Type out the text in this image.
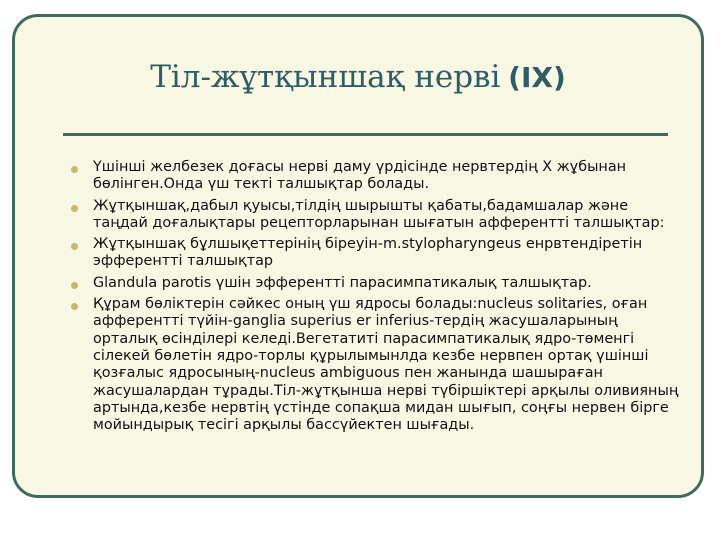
Тіл-жұтқыншақ нерві (IX)
Үшінші желбезек доғасы нерві даму үрдісінде нервтердің Х жұбынан бөлінген.Онда үш текті талшықтар болады.
Жұтқыншақ,дабыл қуысы,тілдің шырышты қабаты,бадамшалар және таңдай доғалықтары рецепторларынан шығатын афферентті талшықтар:
Жұтқыншақ бұлшықеттерінің біреуін-m.stylopharyngeus енрвтендіретін эфферентті талшықтар
Glandula parotis үшін эфферентті парасимпатикалық талшықтар.
Құрам бөліктерін сәйкес оның үш ядросы болады:nucleus solitaries, оған афферентті түйін-ganglia superius er inferius-тердің жасушаларының орталық өсінділері келеді.Вегетатиті парасимпатикалық ядро-төменгі сілекей бөлетін ядро-торлы құрылымынлда кезбе нервпен ортақ үшінші қозғалыс ядросының-nucleus ambiguous пен жанында шашыраған жасушалардан тұрады.Тіл-жұтқынша нерві түбіршіктері арқылы оливияның артында,кезбе нервтің үстінде сопақша мидан шығып, соңғы нервен бірге мойындырық тесігі арқылы бассүйектен шығады.
